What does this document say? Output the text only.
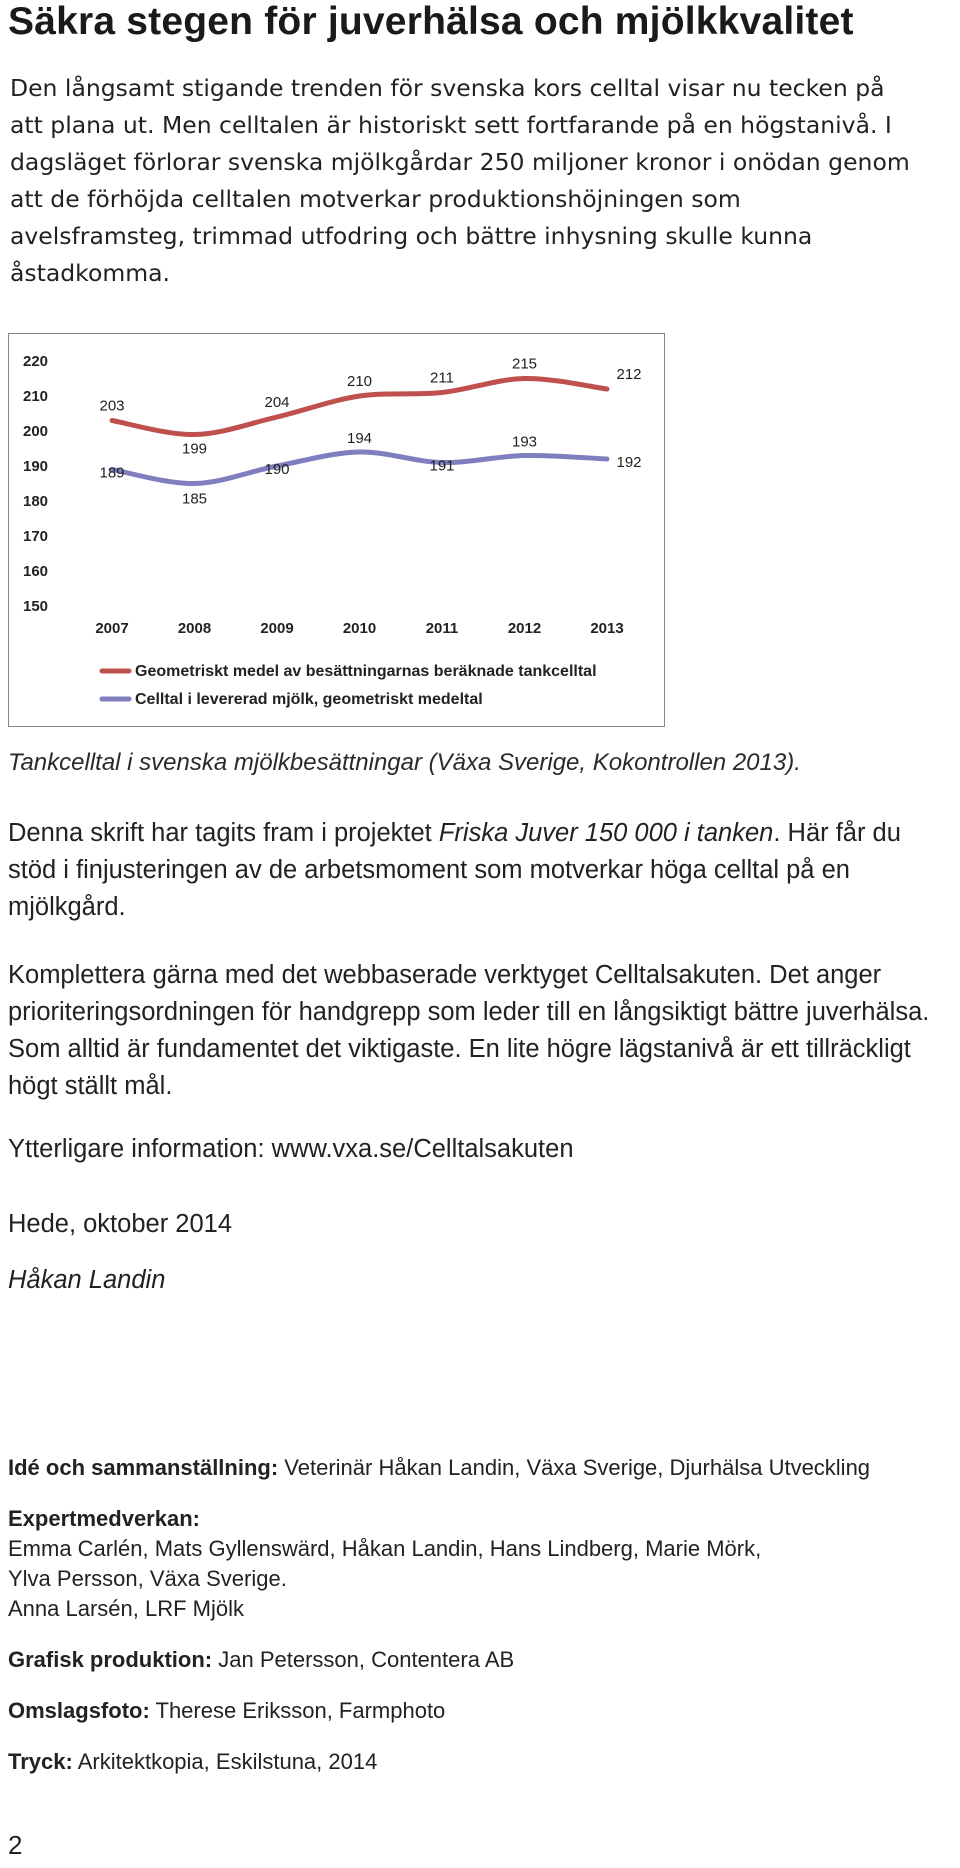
Säkra stegen för juverhälsa och mjölkkvalitet

Den långsamt stigande trenden för svenska kors celltal visar nu tecken på att plana ut. Men celltalen är historiskt sett fortfarande på en högstanivå. I dagsläget förlorar svenska mjölkgårdar 250 miljoner kronor i onödan genom att de förhöjda celltalen motverkar produktionshöjningen som avelsframsteg, trimmad utfodring och bättre inhysning skulle kunna åstadkomma.

220
210
200
190
180
170
160
150
2007	2008	2009	2010	2011	2012	2013
203
199
204
210	211
215
212
Geometriskt medel av besättningarnas beräknade tankcelltal
189
185
190
194
191
193
192
Celltal i levererad mjölk, geometriskt medeltal

Tankcelltal i svenska mjölkbesättningar (Växa Sverige, Kokontrollen 2013).

Denna skrift har tagits fram i projektet Friska Juver 150 000 i tanken. Här får du stöd i finjusteringen av de arbetsmoment som motverkar höga celltal på en mjölkgård.

Komplettera gärna med det webbaserade verktyget Celltalsakuten. Det anger prioriteringsordningen för handgrepp som leder till en långsiktigt bättre juverhälsa. Som alltid är fundamentet det viktigaste. En lite högre lägstanivå är ett tillräckligt högt ställt mål.

Ytterligare information: www.vxa.se/Celltalsakuten

Hede, oktober 2014

Håkan Landin

Idé och sammanställning: Veterinär Håkan Landin, Växa Sverige, Djurhälsa Utveckling

Expertmedverkan:

Emma Carlén, Mats Gyllenswärd, Håkan Landin, Hans Lindberg, Marie Mörk,

Ylva Persson, Växa Sverige.

Anna Larsén, LRF Mjölk

Grafisk produktion: Jan Petersson, Contentera AB

Omslagsfoto: Therese Eriksson, Farmphoto

Tryck: Arkitektkopia, Eskilstuna, 2014

2
